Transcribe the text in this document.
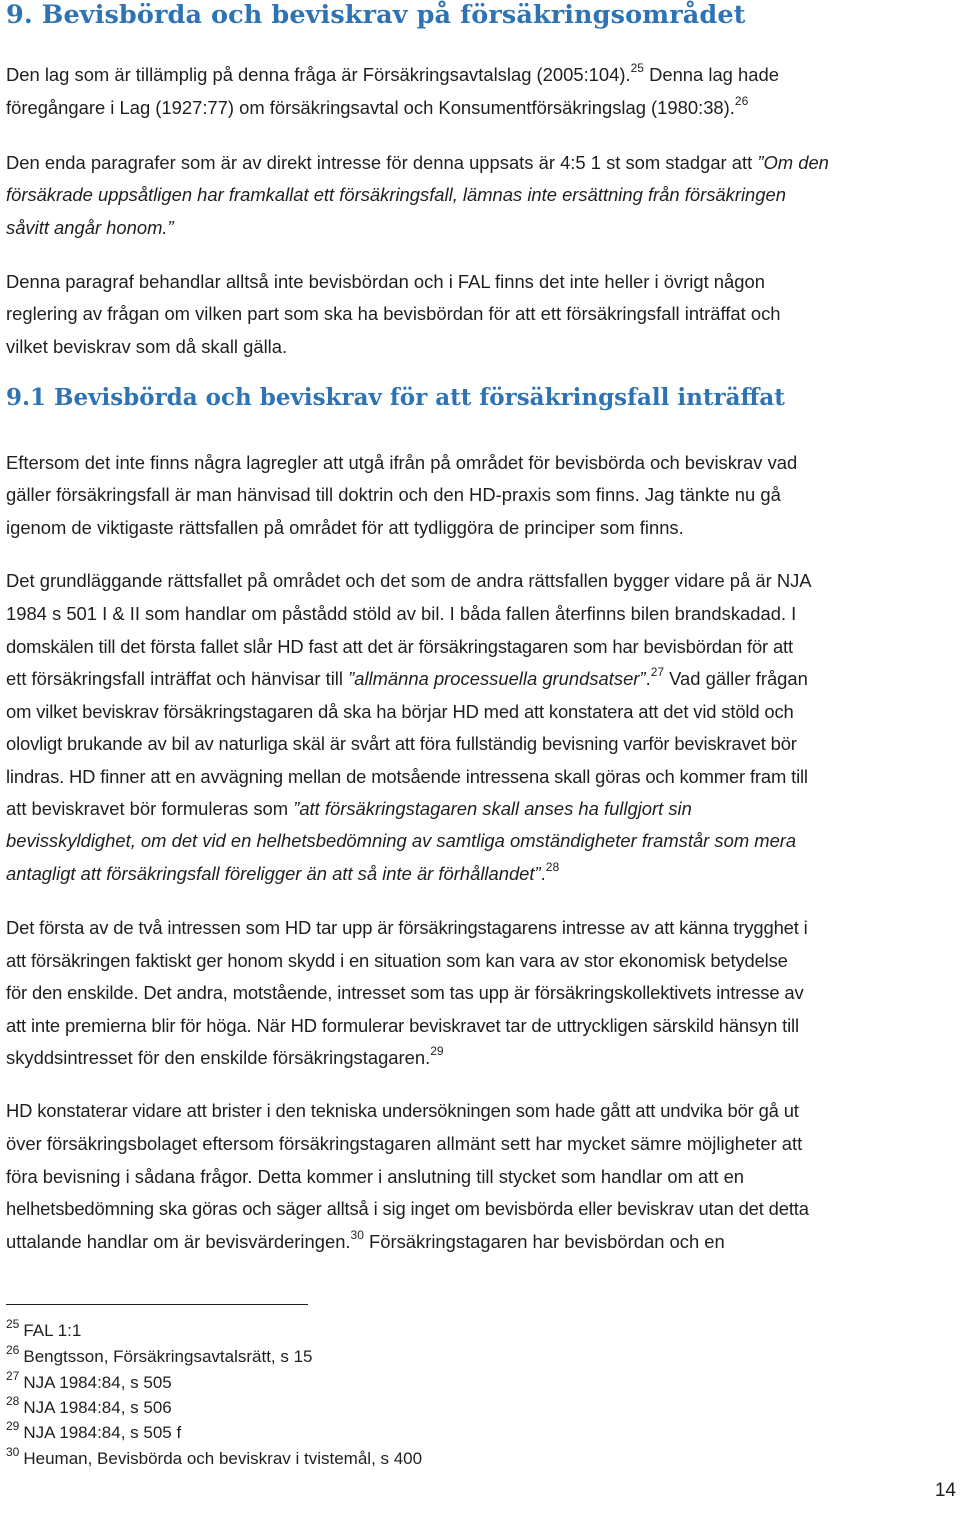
9. Bevisbörda och beviskrav på försäkringsområdet
Den lag som är tillämplig på denna fråga är Försäkringsavtalslag (2005:104).$^{25}$ Denna lag hade
föregångare i Lag (1927:77) om försäkringsavtal och Konsumentförsäkringslag (1980:38).$^{26}$
Den enda paragrafer som är av direkt intresse för denna uppsats är 4:5 1 st som stadgar att ”Om den
försäkrade uppsåtligen har framkallat ett försäkringsfall, lämnas inte ersättning från försäkringen
såvitt angår honom.”
Denna paragraf behandlar alltså inte bevisbördan och i FAL finns det inte heller i övrigt någon
reglering av frågan om vilken part som ska ha bevisbördan för att ett försäkringsfall inträffat och
vilket beviskrav som då skall gälla.
9.1 Bevisbörda och beviskrav för att försäkringsfall inträffat
Eftersom det inte finns några lagregler att utgå ifrån på området för bevisbörda och beviskrav vad
gäller försäkringsfall är man hänvisad till doktrin och den HD-praxis som finns. Jag tänkte nu gå
igenom de viktigaste rättsfallen på området för att tydliggöra de principer som finns.
Det grundläggande rättsfallet på området och det som de andra rättsfallen bygger vidare på är NJA
1984 s 501 I & II som handlar om påstådd stöld av bil. I båda fallen återfinns bilen brandskadad. I
domskälen till det första fallet slår HD fast att det är försäkringstagaren som har bevisbördan för att
ett försäkringsfall inträffat och hänvisar till ”allmänna processuella grundsatser”.$^{27}$ Vad gäller frågan
om vilket beviskrav försäkringstagaren då ska ha börjar HD med att konstatera att det vid stöld och
olovligt brukande av bil av naturliga skäl är svårt att föra fullständig bevisning varför beviskravet bör
lindras. HD finner att en avvägning mellan de motsående intressena skall göras och kommer fram till
att beviskravet bör formuleras som ”att försäkringstagaren skall anses ha fullgjort sin
bevisskyldighet, om det vid en helhetsbedömning av samtliga omständigheter framstår som mera
antagligt att försäkringsfall föreligger än att så inte är förhållandet”.$^{28}$
Det första av de två intressen som HD tar upp är försäkringstagarens intresse av att känna trygghet i
att försäkringen faktiskt ger honom skydd i en situation som kan vara av stor ekonomisk betydelse
för den enskilde. Det andra, motstående, intresset som tas upp är försäkringskollektivets intresse av
att inte premierna blir för höga. När HD formulerar beviskravet tar de uttryckligen särskild hänsyn till
skyddsintresset för den enskilde försäkringstagaren.$^{29}$
HD konstaterar vidare att brister i den tekniska undersökningen som hade gått att undvika bör gå ut
över försäkringsbolaget eftersom försäkringstagaren allmänt sett har mycket sämre möjligheter att
föra bevisning i sådana frågor. Detta kommer i anslutning till stycket som handlar om att en
helhetsbedömning ska göras och säger alltså i sig inget om bevisbörda eller beviskrav utan det detta
uttalande handlar om är bevisvärderingen.$^{30}$ Försäkringstagaren har bevisbördan och en
$^{25}$ FAL 1:1
$^{26}$ Bengtsson, Försäkringsavtalsrätt, s 15
$^{27}$ NJA 1984:84, s 505
$^{28}$ NJA 1984:84, s 506
$^{29}$ NJA 1984:84, s 505 f
$^{30}$ Heuman, Bevisbörda och beviskrav i tvistemål, s 400
14
